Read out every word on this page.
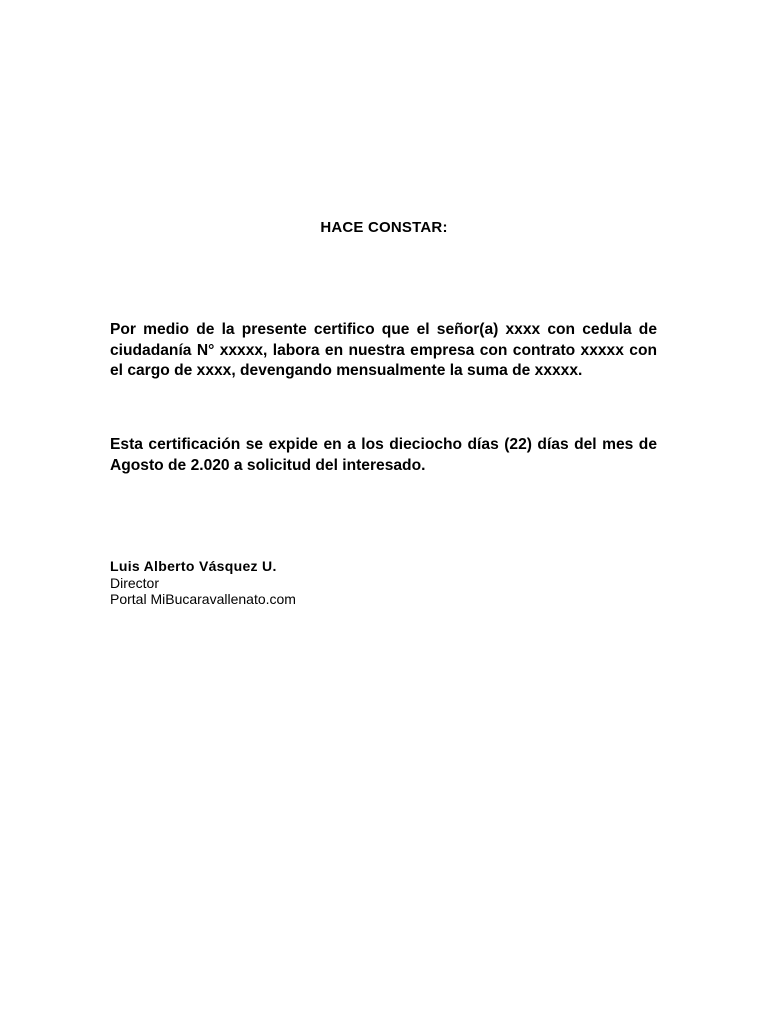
HACE CONSTAR:

Por medio de la presente certifico que el señor(a) xxxx con cedula de ciudadanía N° xxxxx, labora en nuestra empresa con contrato xxxxx con el cargo de xxxx, devengando mensualmente la suma de xxxxx.

Esta certificación se expide en a los dieciocho días (22) días del mes de Agosto de 2.020 a solicitud del interesado.

Luis Alberto Vásquez U.
Director
Portal MiBucaravallenato.com
